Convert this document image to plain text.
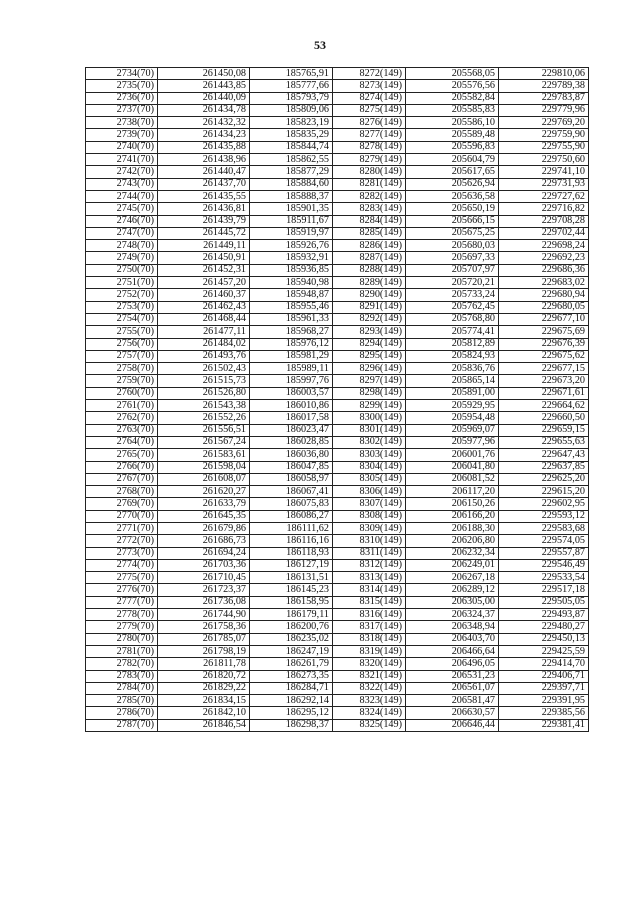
53
2734(70)	261450,08	185765,91	8272(149)	205568,05	229810,06
2735(70)	261443,85	185777,66	8273(149)	205576,56	229789,38
2736(70)	261440,09	185793,79	8274(149)	205582,84	229783,87
2737(70)	261434,78	185809,06	8275(149)	205585,83	229779,96
2738(70)	261432,32	185823,19	8276(149)	205586,10	229769,20
2739(70)	261434,23	185835,29	8277(149)	205589,48	229759,90
2740(70)	261435,88	185844,74	8278(149)	205596,83	229755,90
2741(70)	261438,96	185862,55	8279(149)	205604,79	229750,60
2742(70)	261440,47	185877,29	8280(149)	205617,65	229741,10
2743(70)	261437,70	185884,60	8281(149)	205626,94	229731,93
2744(70)	261435,55	185888,37	8282(149)	205636,58	229727,62
2745(70)	261436,81	185901,35	8283(149)	205650,19	229716,82
2746(70)	261439,79	185911,67	8284(149)	205666,15	229708,28
2747(70)	261445,72	185919,97	8285(149)	205675,25	229702,44
2748(70)	261449,11	185926,76	8286(149)	205680,03	229698,24
2749(70)	261450,91	185932,91	8287(149)	205697,33	229692,23
2750(70)	261452,31	185936,85	8288(149)	205707,97	229686,36
2751(70)	261457,20	185940,98	8289(149)	205720,21	229683,02
2752(70)	261460,37	185948,87	8290(149)	205733,24	229680,94
2753(70)	261462,43	185955,46	8291(149)	205762,45	229680,05
2754(70)	261468,44	185961,33	8292(149)	205768,80	229677,10
2755(70)	261477,11	185968,27	8293(149)	205774,41	229675,69
2756(70)	261484,02	185976,12	8294(149)	205812,89	229676,39
2757(70)	261493,76	185981,29	8295(149)	205824,93	229675,62
2758(70)	261502,43	185989,11	8296(149)	205836,76	229677,15
2759(70)	261515,73	185997,76	8297(149)	205865,14	229673,20
2760(70)	261526,80	186003,57	8298(149)	205891,00	229671,61
2761(70)	261543,38	186010,86	8299(149)	205929,95	229664,62
2762(70)	261552,26	186017,58	8300(149)	205954,48	229660,50
2763(70)	261556,51	186023,47	8301(149)	205969,07	229659,15
2764(70)	261567,24	186028,85	8302(149)	205977,96	229655,63
2765(70)	261583,61	186036,80	8303(149)	206001,76	229647,43
2766(70)	261598,04	186047,85	8304(149)	206041,80	229637,85
2767(70)	261608,07	186058,97	8305(149)	206081,52	229625,20
2768(70)	261620,27	186067,41	8306(149)	206117,20	229615,20
2769(70)	261633,79	186075,83	8307(149)	206150,26	229602,95
2770(70)	261645,35	186086,27	8308(149)	206166,20	229593,12
2771(70)	261679,86	186111,62	8309(149)	206188,30	229583,68
2772(70)	261686,73	186116,16	8310(149)	206206,80	229574,05
2773(70)	261694,24	186118,93	8311(149)	206232,34	229557,87
2774(70)	261703,36	186127,19	8312(149)	206249,01	229546,49
2775(70)	261710,45	186131,51	8313(149)	206267,18	229533,54
2776(70)	261723,37	186145,23	8314(149)	206289,12	229517,18
2777(70)	261736,08	186158,95	8315(149)	206305,00	229505,05
2778(70)	261744,90	186179,11	8316(149)	206324,37	229493,87
2779(70)	261758,36	186200,76	8317(149)	206348,94	229480,27
2780(70)	261785,07	186235,02	8318(149)	206403,70	229450,13
2781(70)	261798,19	186247,19	8319(149)	206466,64	229425,59
2782(70)	261811,78	186261,79	8320(149)	206496,05	229414,70
2783(70)	261820,72	186273,35	8321(149)	206531,23	229406,71
2784(70)	261829,22	186284,71	8322(149)	206561,07	229397,71
2785(70)	261834,15	186292,14	8323(149)	206581,47	229391,95
2786(70)	261842,10	186295,12	8324(149)	206630,57	229385,56
2787(70)	261846,54	186298,37	8325(149)	206646,44	229381,41
